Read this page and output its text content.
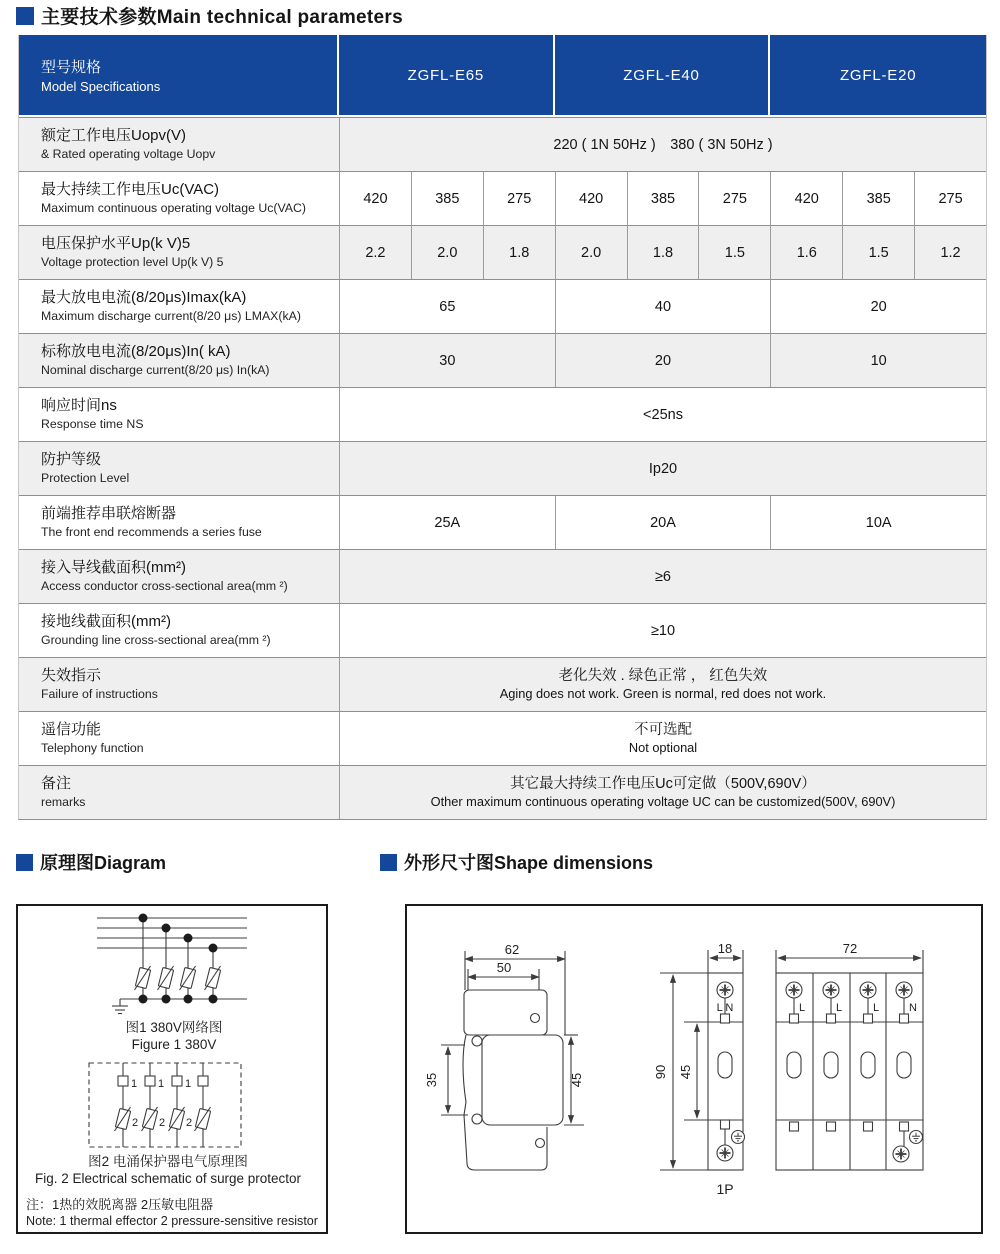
主要技术参数Main technical parameters
型号规格
Model Specifications
ZGFL-E65	ZGFL-E40	ZGFL-E20
额定工作电压Uopv(V)
& Rated operating voltage Uopv
220 ( 1N 50Hz ) 380 ( 3N 50Hz )
最大持续工作电压Uc(VAC)
Maximum continuous operating voltage Uc(VAC)
420	385	275	420	385	275	420	385	275
电压保护水平Up(k V)5
Voltage protection level Up(k V) 5
2.2	2.0	1.8	2.0	1.8	1.5	1.6	1.5	1.2
最大放电电流(8/20μs)Imax(kA)
Maximum discharge current(8/20 μs) LMAX(kA)
65	40	20
标称放电电流(8/20μs)In( kA)
Nominal discharge current(8/20 μs) In(kA)
30	20	10
响应时间ns
Response time NS
<25ns
防护等级
Protection Level
Ip20
前端推荐串联熔断器
The front end recommends a series fuse
25A	20A	10A
接入导线截面积(mm²)
Access conductor cross-sectional area(mm ²)
≥6
接地线截面积(mm²)
Grounding line cross-sectional area(mm ²)
≥10
失效指示
Failure of instructions
老化失效 . 绿色正常 ， 红色失效
Aging does not work. Green is normal, red does not work.
遥信功能
Telephony function
不可选配
Not optional
备注
remarks
其它最大持续工作电压Uc可定做（500V,690V）
Other maximum continuous operating voltage UC can be customized(500V, 690V)
原理图Diagram	外形尺寸图Shape dimensions
图1 380V网络图
Figure 1 380V
1 1 1
2 2 2
图2 电涌保护器电气原理图
Fig. 2 Electrical schematic of surge protector
注：1热的效脱离器 2压敏电阻器
Note: 1 thermal effector 2 pressure-sensitive resistor
62
50
35	45
18
90 45
L N
1P
72
L	L	L	N
